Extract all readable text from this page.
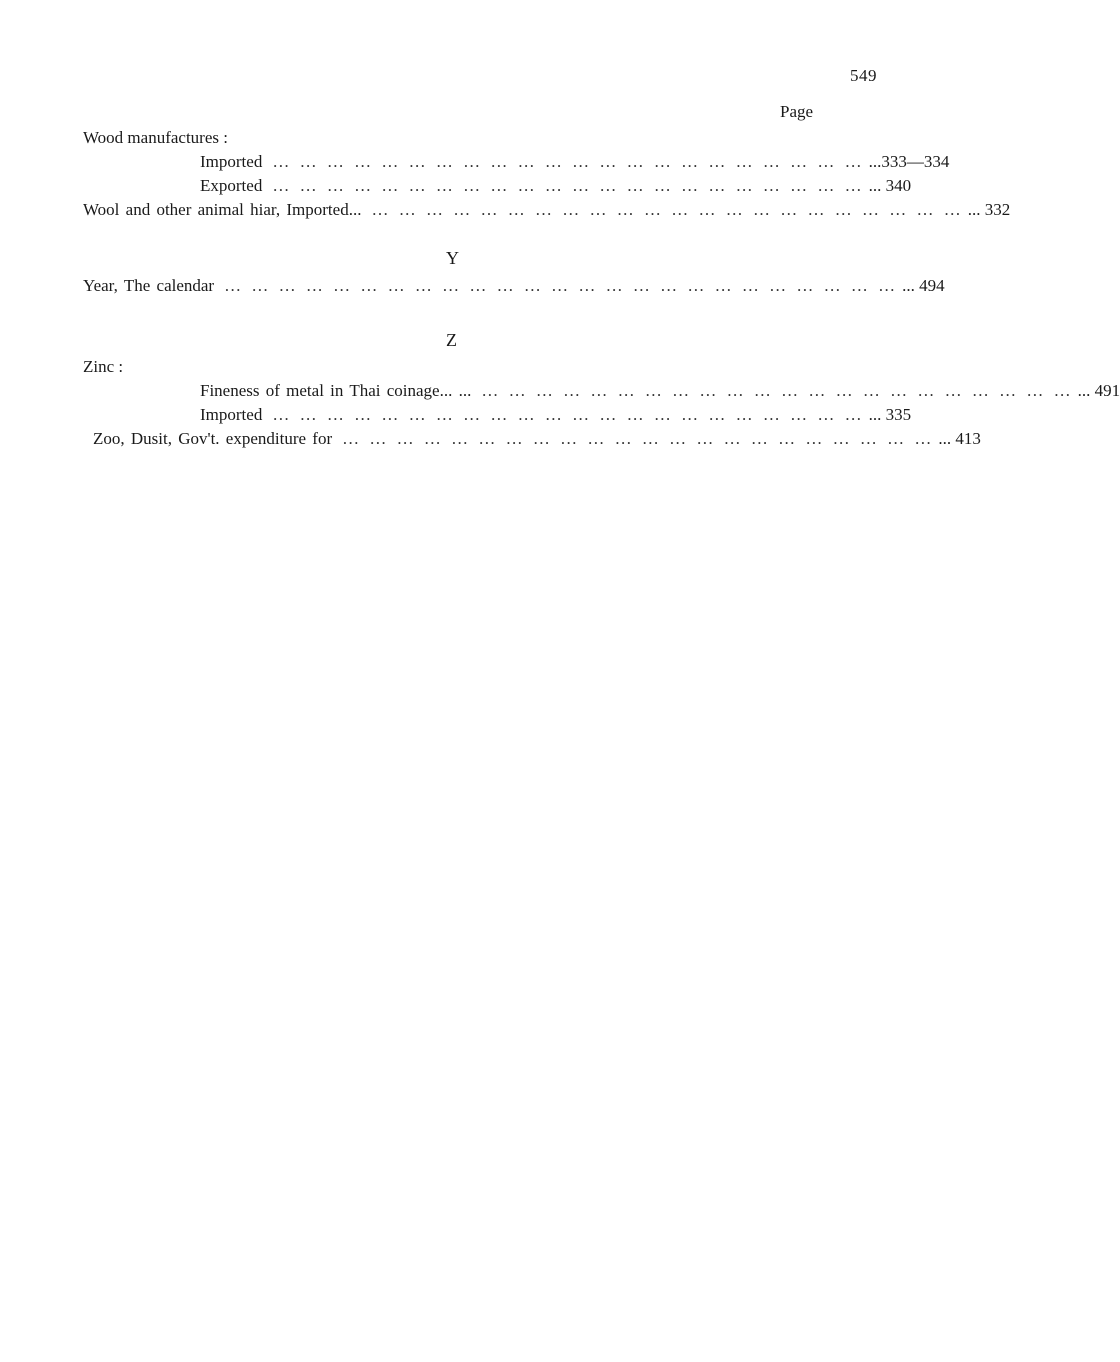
549
Page
Wood manufactures :
Imported … … … … … … … … … … … … … … … … … … … … … … ...333—334
Exported … … … … … … … … … … … … … … … … … … … … … … ... 340
Wool and other animal hiar, Imported... … … … … … … … … … … … … … … … … … … … … … … ... 332
Y
Year, The calendar … … … … … … … … … … … … … … … … … … … … … … … … … ... 494
Z
Zinc :
Fineness of metal in Thai coinage... ... … … … … … … … … … … … … … … … … … … … … … … ... 491
Imported … … … … … … … … … … … … … … … … … … … … … … ... 335
Zoo, Dusit, Gov't. expenditure for … … … … … … … … … … … … … … … … … … … … … … ... 413
